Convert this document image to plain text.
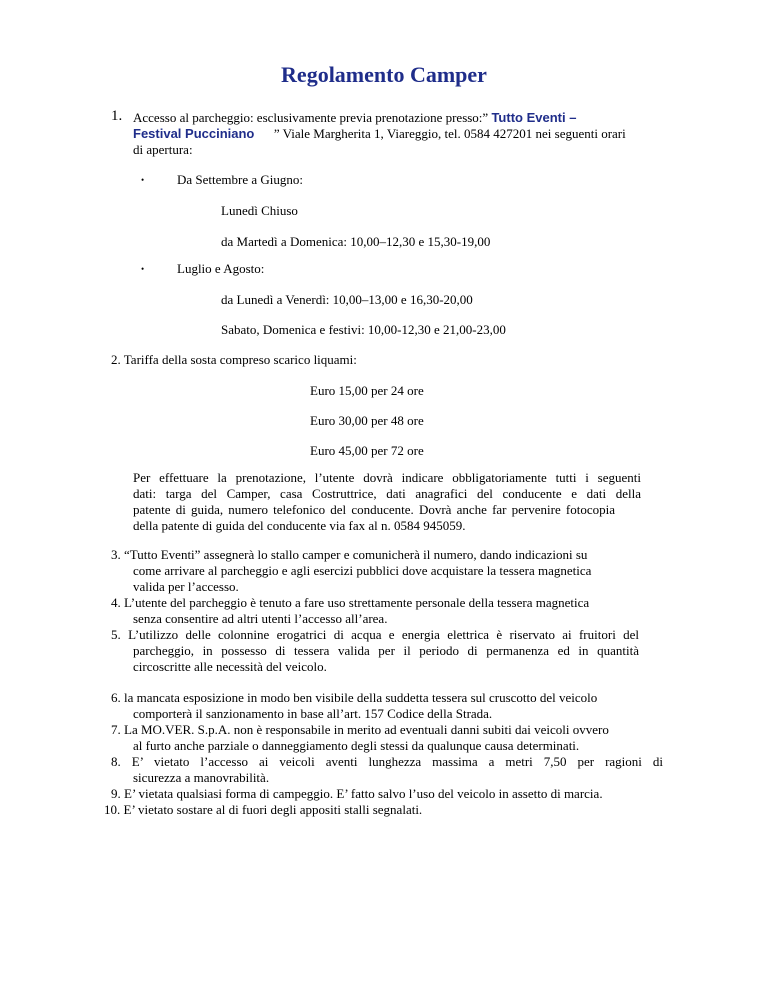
Regolamento Camper
1. Accesso al parcheggio: esclusivamente previa prenotazione presso:” Tutto Eventi –
Festival Pucciniano ” Viale Margherita 1, Viareggio, tel. 0584 427201 nei seguenti orari
di apertura:
•	Da Settembre a Giugno:
Lunedì Chiuso
da Martedì a Domenica: 10,00–12,30 e 15,30-19,00
•	Luglio e Agosto:
da Lunedì a Venerdì: 10,00–13,00 e 16,30-20,00
Sabato, Domenica e festivi: 10,00-12,30 e 21,00-23,00
2. Tariffa della sosta compreso scarico liquami:
Euro 15,00 per 24 ore
Euro 30,00 per 48 ore
Euro 45,00 per 72 ore
Per effettuare la prenotazione, l’utente dovrà indicare obbligatoriamente tutti i seguenti
dati: targa del Camper, casa Costruttrice, dati anagrafici del conducente e dati della
patente di guida, numero telefonico del conducente. Dovrà anche far pervenire fotocopia
della patente di guida del conducente via fax al n. 0584 945059.
3. “Tutto Eventi” assegnerà lo stallo camper e comunicherà il numero, dando indicazioni su
come arrivare al parcheggio e agli esercizi pubblici dove acquistare la tessera magnetica
valida per l’accesso.
4. L’utente del parcheggio è tenuto a fare uso strettamente personale della tessera magnetica
senza consentire ad altri utenti l’accesso all’area.
5. L’utilizzo delle colonnine erogatrici di acqua e energia elettrica è riservato ai fruitori del
parcheggio, in possesso di tessera valida per il periodo di permanenza ed in quantità
circoscritte alle necessità del veicolo.
6. la mancata esposizione in modo ben visibile della suddetta tessera sul cruscotto del veicolo
comporterà il sanzionamento in base all’art. 157 Codice della Strada.
7. La MO.VER. S.p.A. non è responsabile in merito ad eventuali danni subiti dai veicoli ovvero
al furto anche parziale o danneggiamento degli stessi da qualunque causa determinati.
8. E’ vietato l’accesso ai veicoli aventi lunghezza massima a metri 7,50 per ragioni di
sicurezza a manovrabilità.
9. E’ vietata qualsiasi forma di campeggio. E’ fatto salvo l’uso del veicolo in assetto di marcia.
10. E’ vietato sostare al di fuori degli appositi stalli segnalati.
